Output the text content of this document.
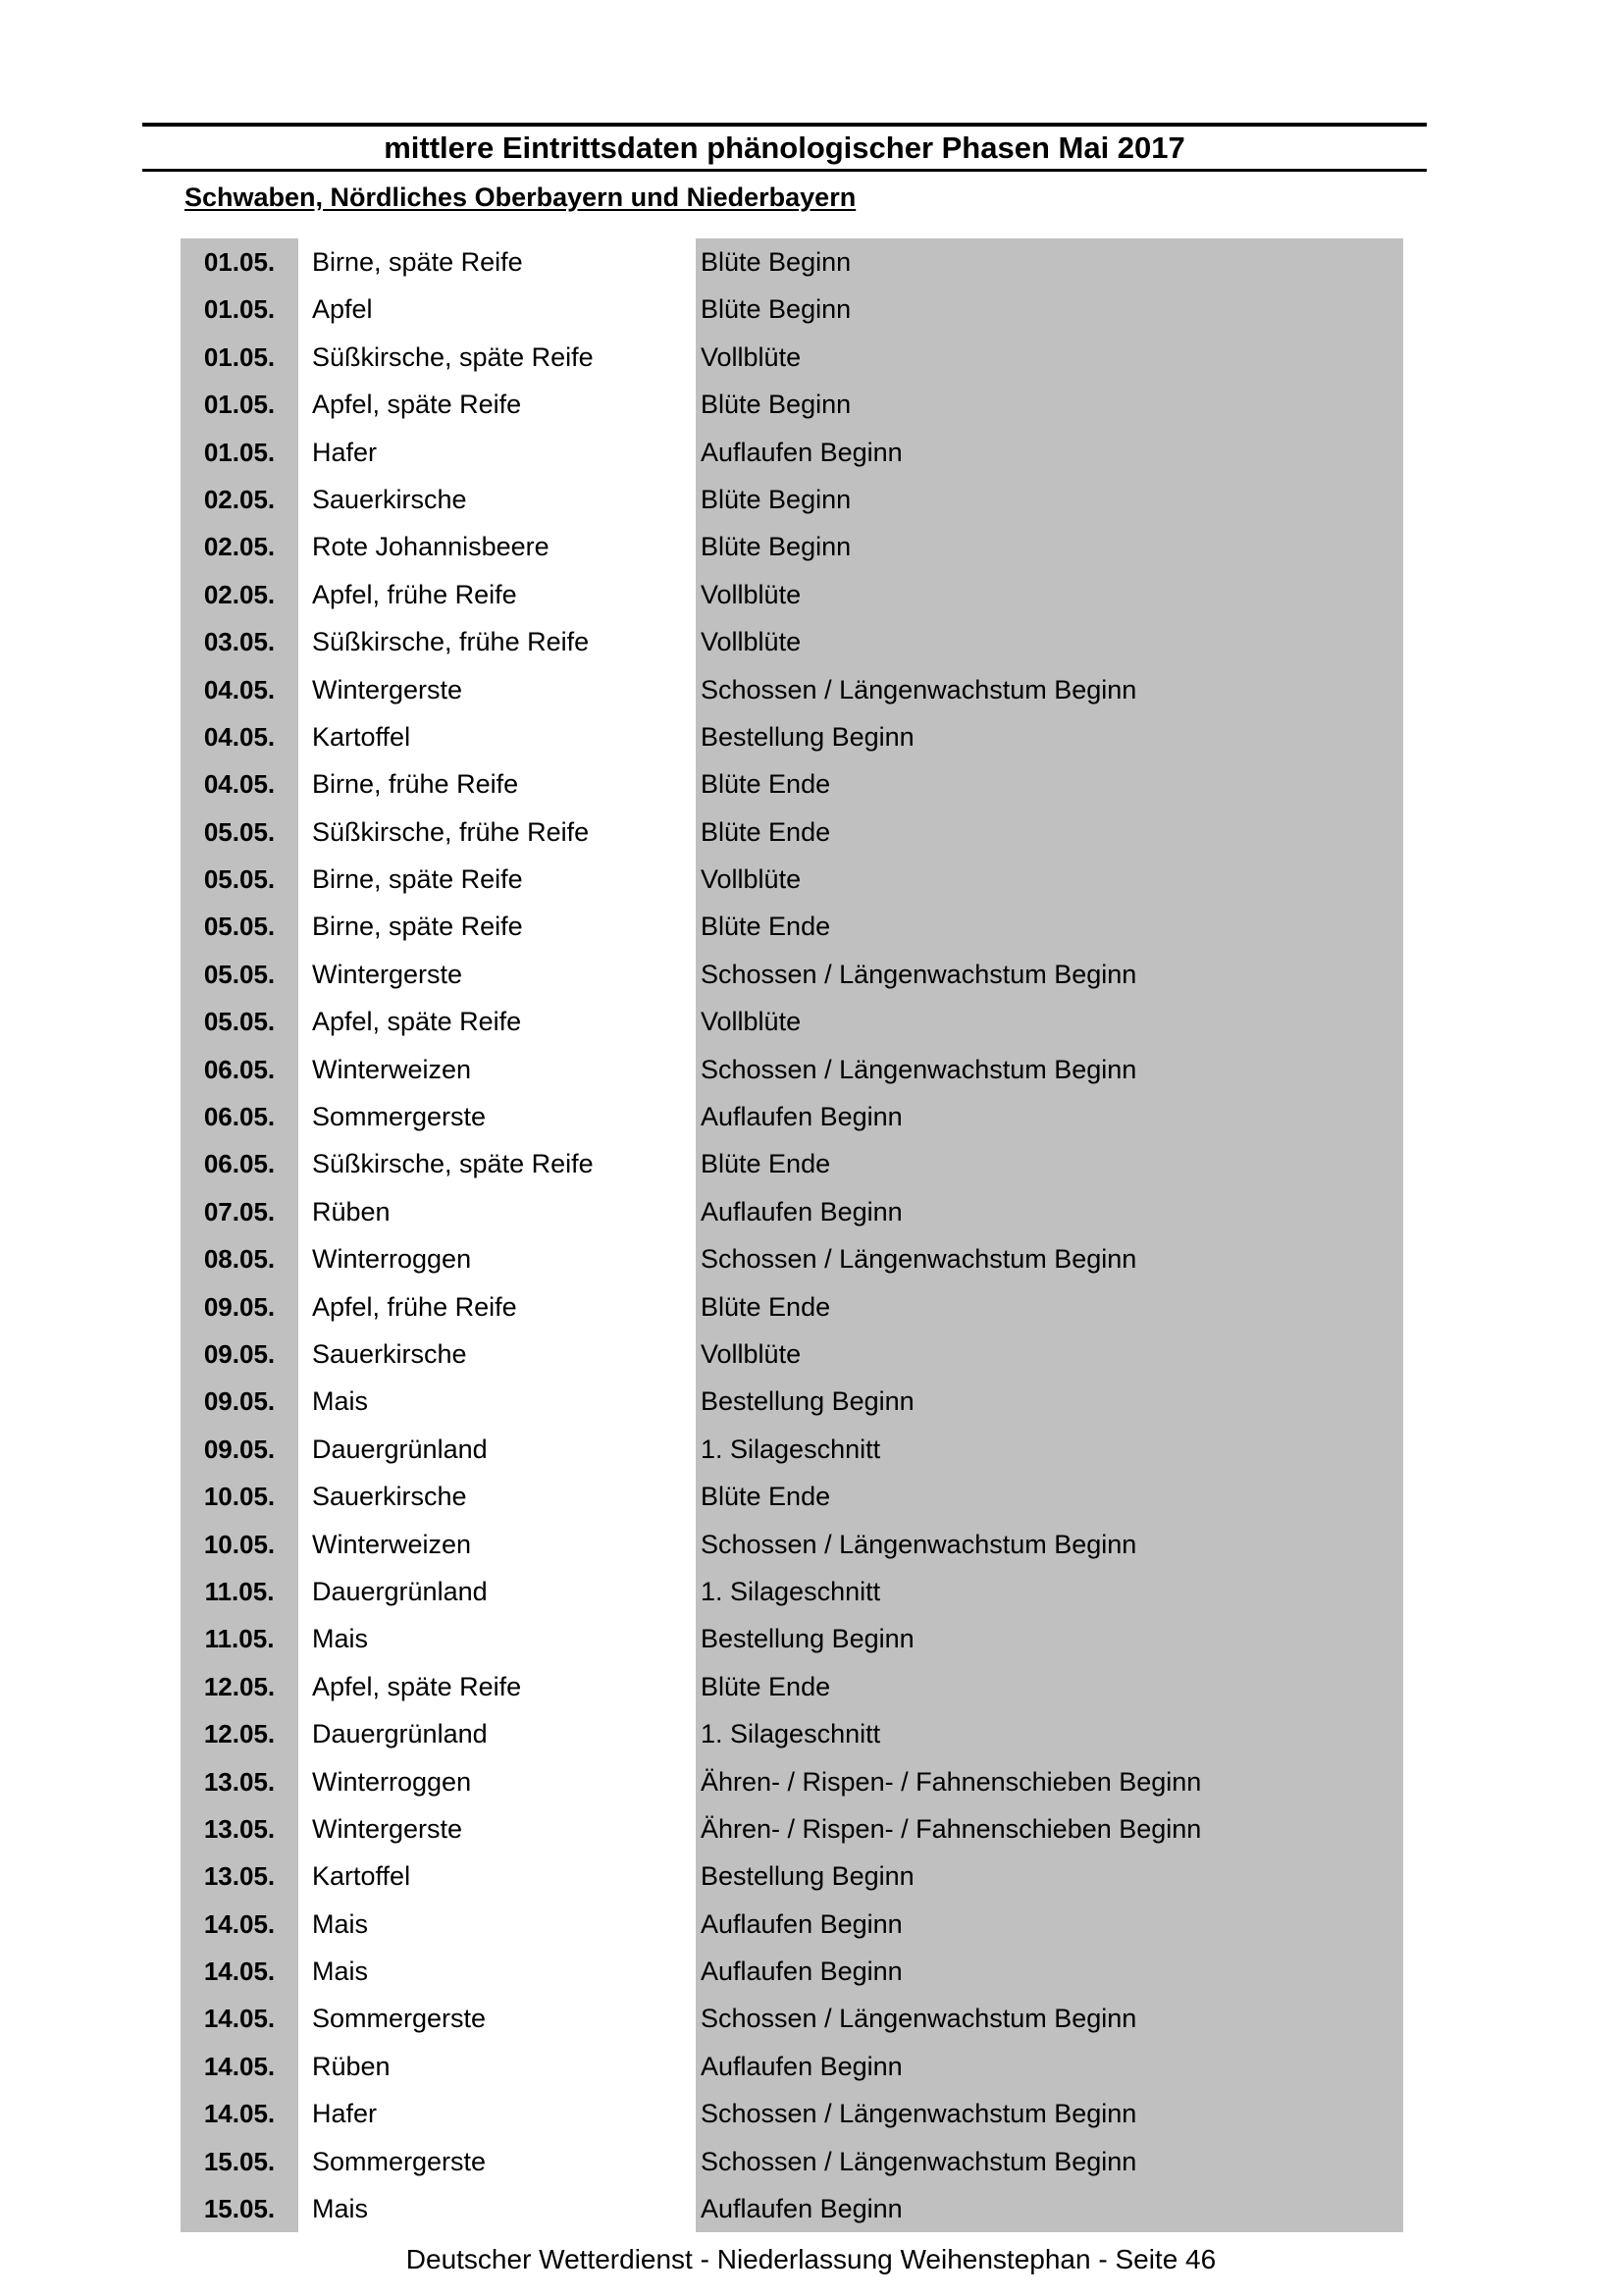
mittlere Eintrittsdaten phänologischer Phasen Mai 2017
Schwaben, Nördliches Oberbayern und Niederbayern
01.05.	Birne, späte Reife	Blüte Beginn
01.05.	Apfel	Blüte Beginn
01.05.	Süßkirsche, späte Reife	Vollblüte
01.05.	Apfel, späte Reife	Blüte Beginn
01.05.	Hafer	Auflaufen Beginn
02.05.	Sauerkirsche	Blüte Beginn
02.05.	Rote Johannisbeere	Blüte Beginn
02.05.	Apfel, frühe Reife	Vollblüte
03.05.	Süßkirsche, frühe Reife	Vollblüte
04.05.	Wintergerste	Schossen / Längenwachstum Beginn
04.05.	Kartoffel	Bestellung Beginn
04.05.	Birne, frühe Reife	Blüte Ende
05.05.	Süßkirsche, frühe Reife	Blüte Ende
05.05.	Birne, späte Reife	Vollblüte
05.05.	Birne, späte Reife	Blüte Ende
05.05.	Wintergerste	Schossen / Längenwachstum Beginn
05.05.	Apfel, späte Reife	Vollblüte
06.05.	Winterweizen	Schossen / Längenwachstum Beginn
06.05.	Sommergerste	Auflaufen Beginn
06.05.	Süßkirsche, späte Reife	Blüte Ende
07.05.	Rüben	Auflaufen Beginn
08.05.	Winterroggen	Schossen / Längenwachstum Beginn
09.05.	Apfel, frühe Reife	Blüte Ende
09.05.	Sauerkirsche	Vollblüte
09.05.	Mais	Bestellung Beginn
09.05.	Dauergrünland	1. Silageschnitt
10.05.	Sauerkirsche	Blüte Ende
10.05.	Winterweizen	Schossen / Längenwachstum Beginn
11.05.	Dauergrünland	1. Silageschnitt
11.05.	Mais	Bestellung Beginn
12.05.	Apfel, späte Reife	Blüte Ende
12.05.	Dauergrünland	1. Silageschnitt
13.05.	Winterroggen	Ähren- / Rispen- / Fahnenschieben Beginn
13.05.	Wintergerste	Ähren- / Rispen- / Fahnenschieben Beginn
13.05.	Kartoffel	Bestellung Beginn
14.05.	Mais	Auflaufen Beginn
14.05.	Mais	Auflaufen Beginn
14.05.	Sommergerste	Schossen / Längenwachstum Beginn
14.05.	Rüben	Auflaufen Beginn
14.05.	Hafer	Schossen / Längenwachstum Beginn
15.05.	Sommergerste	Schossen / Längenwachstum Beginn
15.05.	Mais	Auflaufen Beginn
Deutscher Wetterdienst - Niederlassung Weihenstephan - Seite 46
